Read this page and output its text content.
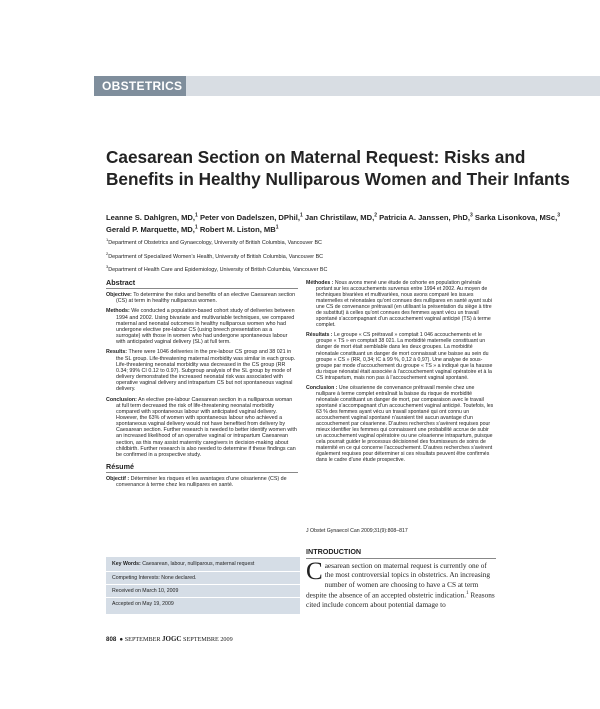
OBSTETRICS
Caesarean Section on Maternal Request: Risks and Benefits in Healthy Nulliparous Women and Their Infants
Leanne S. Dahlgren, MD,$^1$ Peter von Dadelszen, DPhil,$^1$ Jan Christilaw, MD,$^2$ Patricia A. Janssen, PhD,$^3$ Sarka Lisonkova, MSc,$^3$ Gerald P. Marquette, MD,$^1$ Robert M. Liston, $MB^1$

$^1$Department of Obstetrics and Gynaecology, University of British Columbia, Vancouver BC

$^2$Department of Specialized Women’s Health, University of British Columbia, Vancouver BC

$^3$Department of Health Care and Epidemiology, University of British Columbia, Vancouver BC

Abstract
Objective: To determine the risks and benefits of an elective Caesarean section (CS) at term in healthy nulliparous women.
Methods: We conducted a population-based cohort study of deliveries between 1994 and 2002. Using bivariate and multivariable techniques, we compared maternal and neonatal outcomes in healthy nulliparous women who had undergone elective pre-labour CS (using breech presentation as a surrogate) with those in women who had undergone spontaneous labour with anticipated vaginal delivery (SL) at full term.
Results: There were 1046 deliveries in the pre-labour CS group and 38 021 in the SL group. Life-threatening maternal morbidity was similar in each group. Life-threatening neonatal morbidity was decreased in the CS group (RR 0.34; 99% CI 0.12 to 0.97). Subgroup analysis of the SL group by mode of delivery demonstrated the increased neonatal risk was associated with operative vaginal delivery and intrapartum CS but not spontaneous vaginal delivery.
Conclusion: An elective pre-labour Caesarean section in a nulliparous woman at full term decreased the risk of life-threatening neonatal morbidity compared with spontaneous labour with anticipated vaginal delivery. However, the 63% of women with spontaneous labour who achieved a spontaneous vaginal delivery would not have benefited from delivery by Caesarean section. Further research is needed to better identify women with an increased likelihood of an operative vaginal or intrapartum Caesarean section, as this may assist maternity caregivers in decision-making about childbirth. Further research is also needed to determine if these findings can be confirmed in a prospective study.
Résumé
Objectif : Déterminer les risques et les avantages d’une césarienne (CS) de convenance à terme chez les nullipares en santé.
Key Words: Caesarean, labour, nulliparous, maternal request
Competing Interests: None declared.
Received on March 10, 2009
Accepted on May 19, 2009
Méthodes : Nous avons mené une étude de cohorte en population générale portant sur les accouchements survenus entre 1994 et 2002. Au moyen de techniques bivariées et multivariées, nous avons comparé les issues maternelles et néonatales qu’ont connues des nullipares en santé ayant subi une CS de convenance prétravail (en utilisant la présentation du siège à titre de substitut) à celles qu’ont connues des femmes ayant vécu un travail spontané s’accompagnant d’un accouchement vaginal anticipé (TS) à terme complet.
Résultats : Le groupe « CS prétravail » comptait 1 046 accouchements et le groupe « TS » en comptait 38 021. La morbidité maternelle constituant un danger de mort était semblable dans les deux groupes. La morbidité néonatale constituant un danger de mort connaissait une baisse au sein du groupe « CS » (RR, 0,34; IC à 99 %, 0,12 à 0,97). Une analyse de sous-groupe par mode d’accouchement du groupe « TS » a indiqué que la hausse du risque néonatal était associée à l’accouchement vaginal opératoire et à la CS intrapartum, mais non pas à l’accouchement vaginal spontané.
Conclusion : Une césarienne de convenance prétravail menée chez une nullipare à terme complet entraînait la baisse du risque de morbidité néonatale constituant un danger de mort, par comparaison avec le travail spontané s’accompagnant d’un accouchement vaginal anticipé. Toutefois, les 63 % des femmes ayant vécu un travail spontané qui ont connu un accouchement vaginal spontané n’auraient tiré aucun avantage d’un accouchement par césarienne. D’autres recherches s’avèrent requises pour mieux identifier les femmes qui connaissent une probabilité accrue de subir un accouchement vaginal opératoire ou une césarienne intrapartum, puisque cela pourrait guider le processus décisionnel des fournisseurs de soins de maternité en ce qui concerne l’accouchement. D’autres recherches s’avèrent également requises pour déterminer si ces résultats peuvent être confirmés dans le cadre d’une étude prospective.
J Obstet Gynaecol Can 2009;31(9):808–817
INTRODUCTION
Caesarean section on maternal request is currently one of the most controversial topics in obstetrics. An increasing number of women are choosing to have a CS at term despite the absence of an accepted obstetric indication.$^1$ Reasons cited include concern about potential damage to
808 ● SEPTEMBER JOGC SEPTEMBRE 2009
